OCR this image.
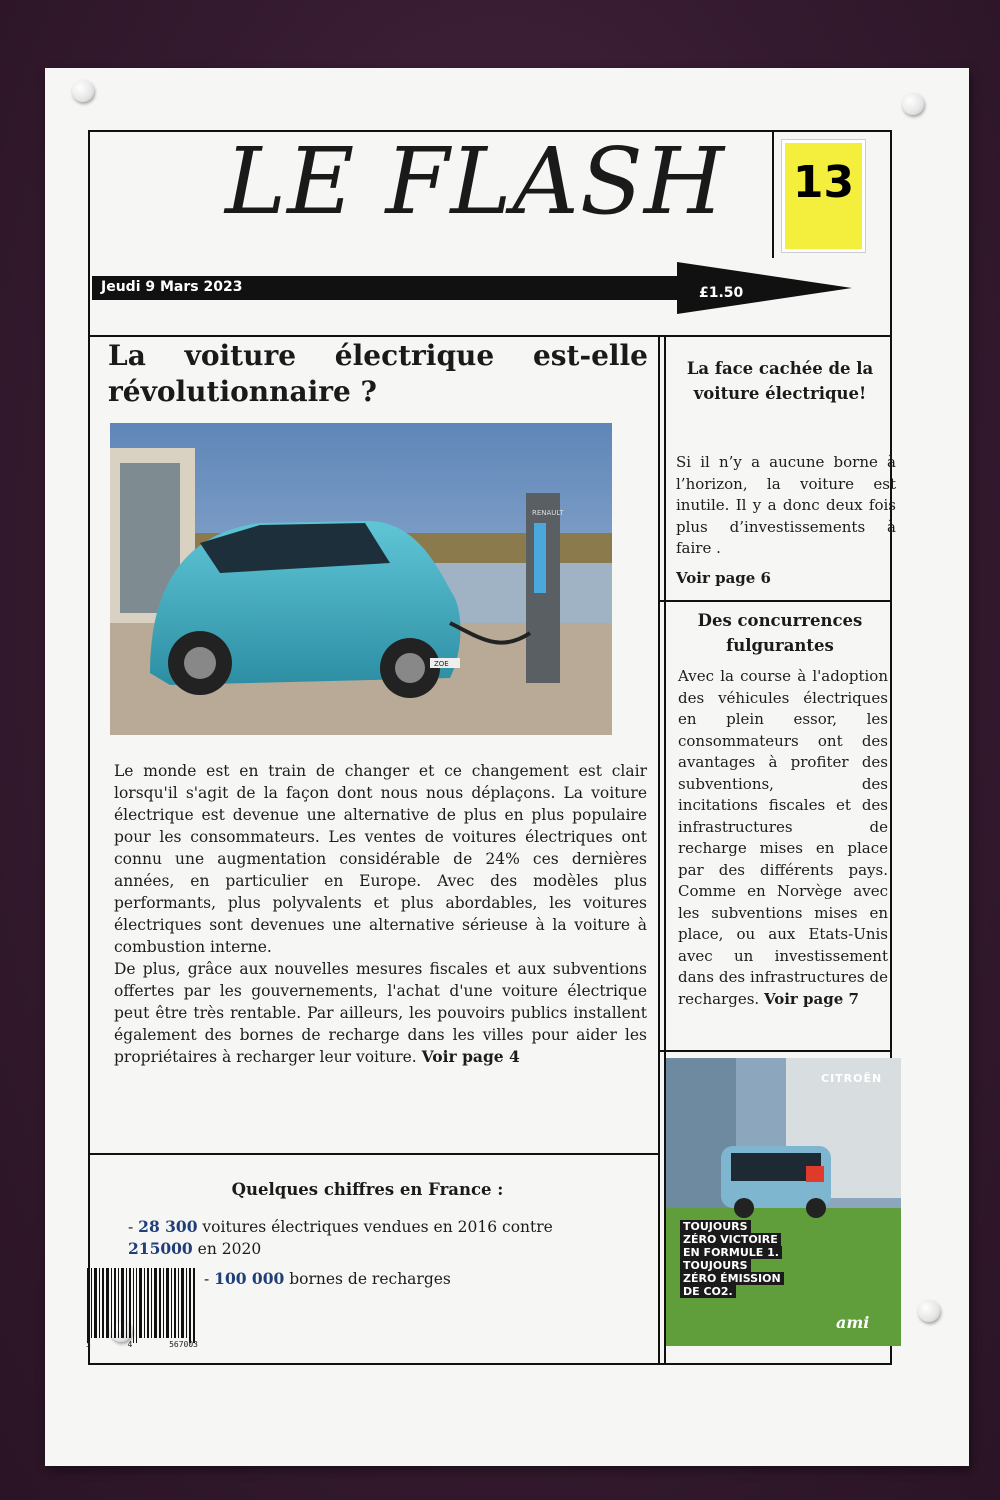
LE FLASH 13
Jeudi 9 Mars 2023	£1.50
La voiture électrique est-elle révolutionnaire ?
RENAULT
ZOE

Le monde est en train de changer et ce changement est clair lorsqu'il s'agit de la façon dont nous nous déplaçons. La voiture électrique est devenue une alternative de plus en plus populaire pour les consommateurs. Les ventes de voitures électriques ont connu une augmentation considérable de 24% ces dernières années, en particulier en Europe. Avec des modèles plus performants, plus polyvalents et plus abordables, les voitures électriques sont devenues une alternative sérieuse à la voiture à combustion interne.

De plus, grâce aux nouvelles mesures fiscales et aux subventions offertes par les gouvernements, l'achat d'une voiture électrique peut être très rentable. Par ailleurs, les pouvoirs publics installent également des bornes de recharge dans les villes pour aider les propriétaires à recharger leur voiture. Voir page 4

La face cachée de la voiture électrique!
Si il n’y a aucune borne à l’horizon, la voiture est inutile. Il y a donc deux fois plus d’investissements à faire .
Voir page 6
Des concurrences fulgurantes
Avec la course à l'adoption des véhicules électriques en plein essor, les consommateurs ont des avantages à profiter des subventions, des incitations fiscales et des infrastructures de recharge mises en place par des différents pays. Comme en Norvège avec les subventions mises en place, ou aux Etats-Unis avec un investissement dans des infrastructures de recharges. Voir page 7
Quelques chiffres en France :
- 28 300 voitures électriques vendues en 2016 contre
215000 en 2020
- 100 000 bornes de recharges
3	4	567003
CITROËN
TOUJOURS
ZÉRO VICTOIRE
EN FORMULE 1.
TOUJOURS
ZÉRO ÉMISSION
DE CO2.
ami
